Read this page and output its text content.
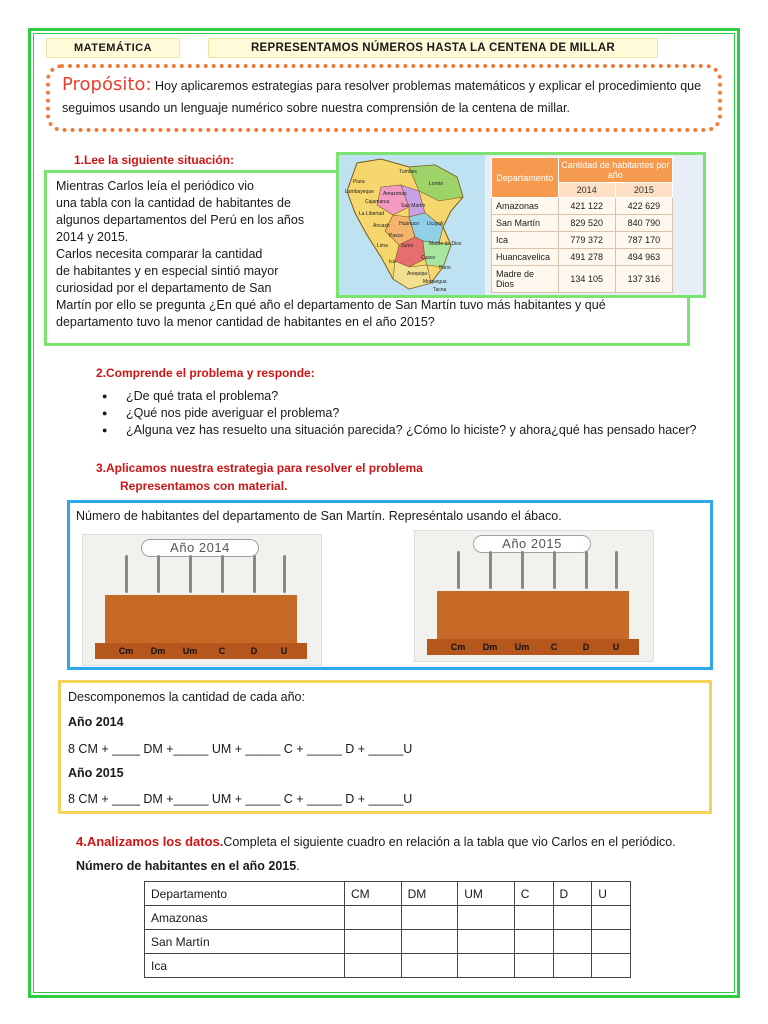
MATEMÁTICA	REPRESENTAMOS NÚMEROS HASTA LA CENTENA DE MILLAR
Propósito: Hoy aplicaremos estrategias para resolver problemas matemáticos y explicar el procedimiento que seguimos usando un lenguaje numérico sobre nuestra comprensión de la centena de millar.
1.Lee la siguiente situación:
Mientras Carlos leía el periódico vio
una tabla con la cantidad de habitantes de
algunos departamentos del Perú en los años
2014 y 2015.
Carlos necesita comparar la cantidad
de habitantes y en especial sintió mayor
curiosidad por el departamento de San
Martín por ello se pregunta ¿En qué año el departamento de San Martín tuvo más habitantes y qué departamento tuvo la menor cantidad de habitantes en el año 2015?
Tumbes
Loreto
Piura
Amazonas
Lambayeque
Cajamarca
San Martín
La Libertad
Áncash Huánuco Ucayali
Pasco
Madre de Dios
Lima	Junín
Cusco
Ica
Puno
Arequipa
Moquegua
Tacna
Departamento	Cantidad de habitantes por año	
	2014	2015
Amazonas	421 122	422 629
San Martín	829 520	840 790
Ica	779 372	787 170
Huancavelica	491 278	494 963
Madre de Dios	134 105	137 316
2.Comprende el problema y responde:
● ¿De qué trata el problema?
● ¿Qué nos pide averiguar el problema?
● ¿Alguna vez has resuelto una situación parecida? ¿Cómo lo hiciste? y ahora¿qué has pensado hacer?
3.Aplicamos nuestra estrategia para resolver el problema
Representamos con material.
Número de habitantes del departamento de San Martín. Represéntalo usando el ábaco.
Año 2014
Cm	Dm	Um	C	D	U
Año 2015
Cm	Dm	Um	C	D	U
Descomponemos la cantidad de cada año:
Año 2014
8 CM + ____ DM +_____ UM + _____ C + _____ D + _____U
Año 2015
8 CM + ____ DM +_____ UM + _____ C + _____ D + _____U
4.Analizamos los datos.Completa el siguiente cuadro en relación a la tabla que vio Carlos en el periódico. Número de habitantes en el año 2015.
Departamento	CM	DM	UM	C	D	U
Amazonas						
San Martín						
Ica						
